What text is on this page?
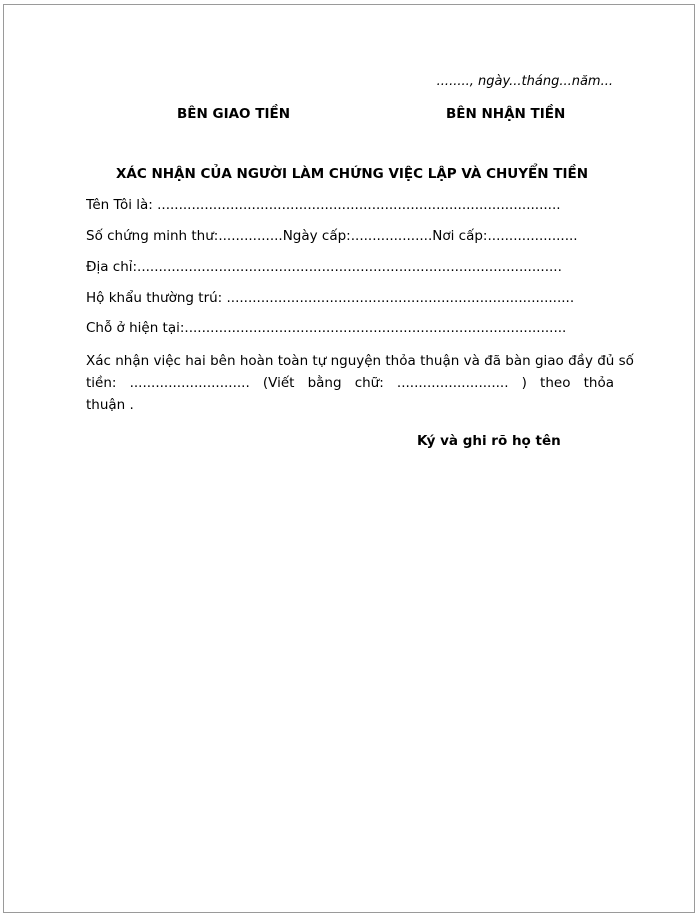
........, ngày...tháng...năm...
BÊN GIAO TIỀN	BÊN NHẬN TIỀN
XÁC NHẬN CỦA NGƯỜI LÀM CHỨNG VIỆC LẬP VÀ CHUYỂN TIỀN
Tên Tôi là: ..............................................................................................
Số chứng minh thư:...............Ngày cấp:...................Nơi cấp:.....................
Địa chỉ:...................................................................................................
Hộ khẩu thường trú: .................................................................................
Chỗ ở hiện tại:.........................................................................................
Xác nhận việc hai bên hoàn toàn tự nguyện thỏa thuận và đã bàn giao đầy đủ số
tiền: ............................ (Viết bằng chữ: .......................... ) theo thỏa
thuận .
Ký và ghi rõ họ tên
